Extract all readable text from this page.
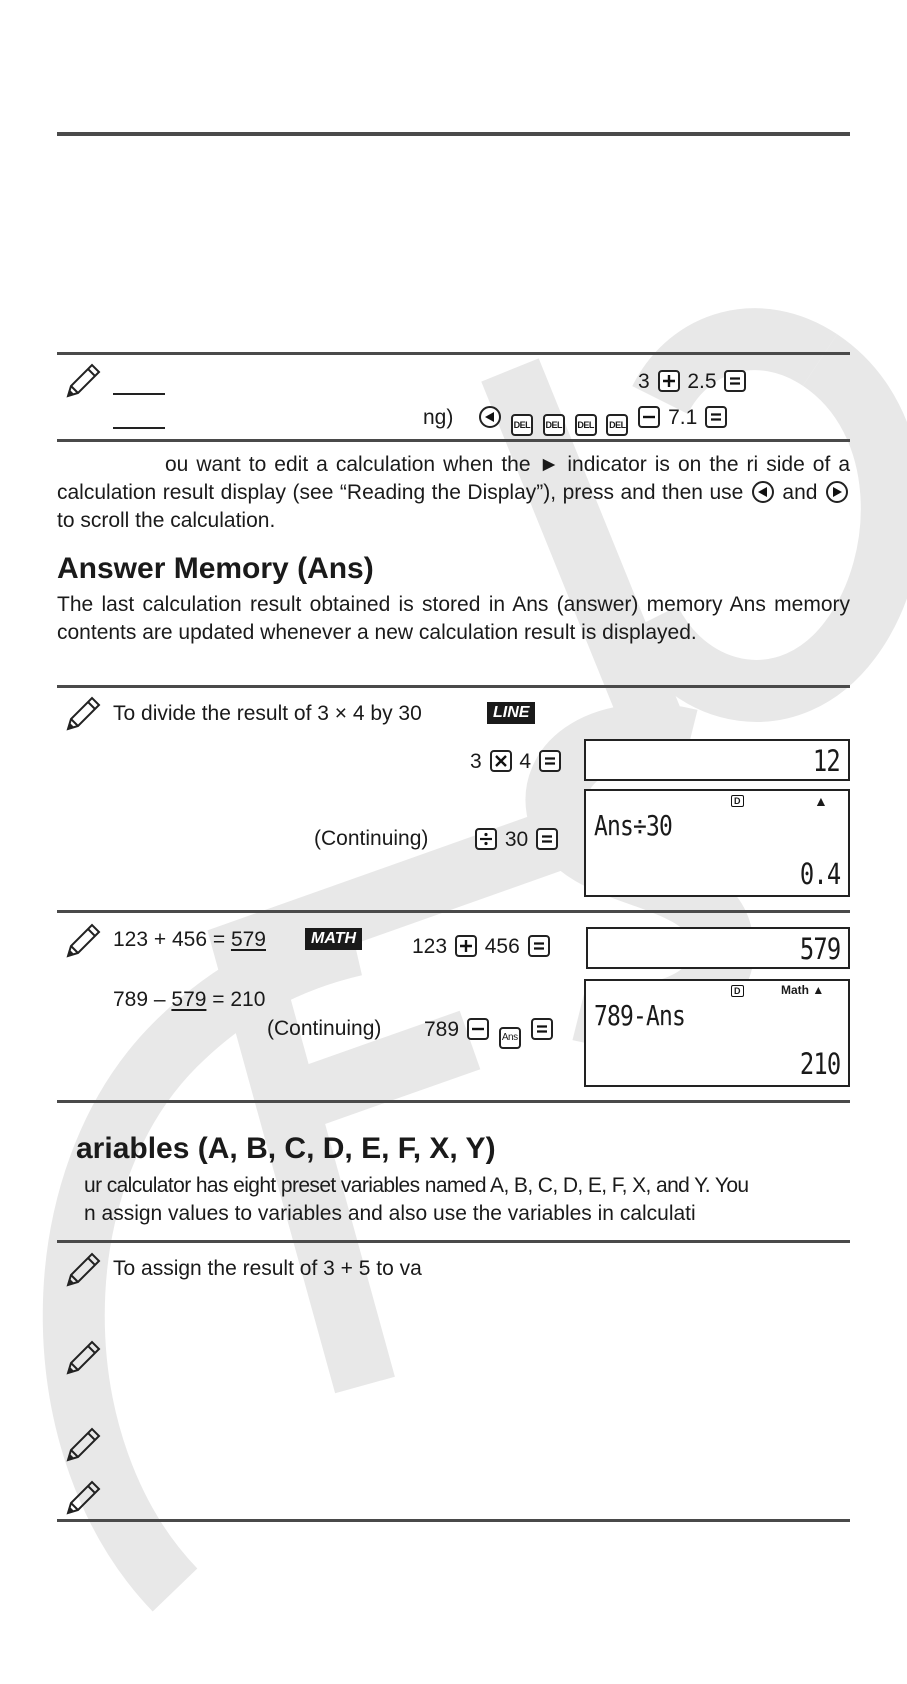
3 2.5
ng)	DEL DEL DEL DEL 7.1
ou want to edit a calculation when the ► indicator is on the ri side of a calculation result display (see “Reading the Display”), press and then use and
to scroll the calculation.
Answer Memory (Ans)
The last calculation result obtained is stored in Ans (answer) memory Ans memory contents are updated whenever a new calculation result is displayed.
To divide the result of 3 × 4 by 30	LINE
3 4	12
(Continuing)	30
D	▲
Ans÷30
0.4
123 + 456 = 579	MATH	123 456	579
789 – 579 = 210
(Continuing) 789	Ans
D	Math ▲
789-Ans
210
ariables (A, B, C, D, E, F, X, Y)
ur calculator has eight preset variables named A, B, C, D, E, F, X, and Y. You
n assign values to variables and also use the variables in calculati
To assign the result of 3 + 5 to va
